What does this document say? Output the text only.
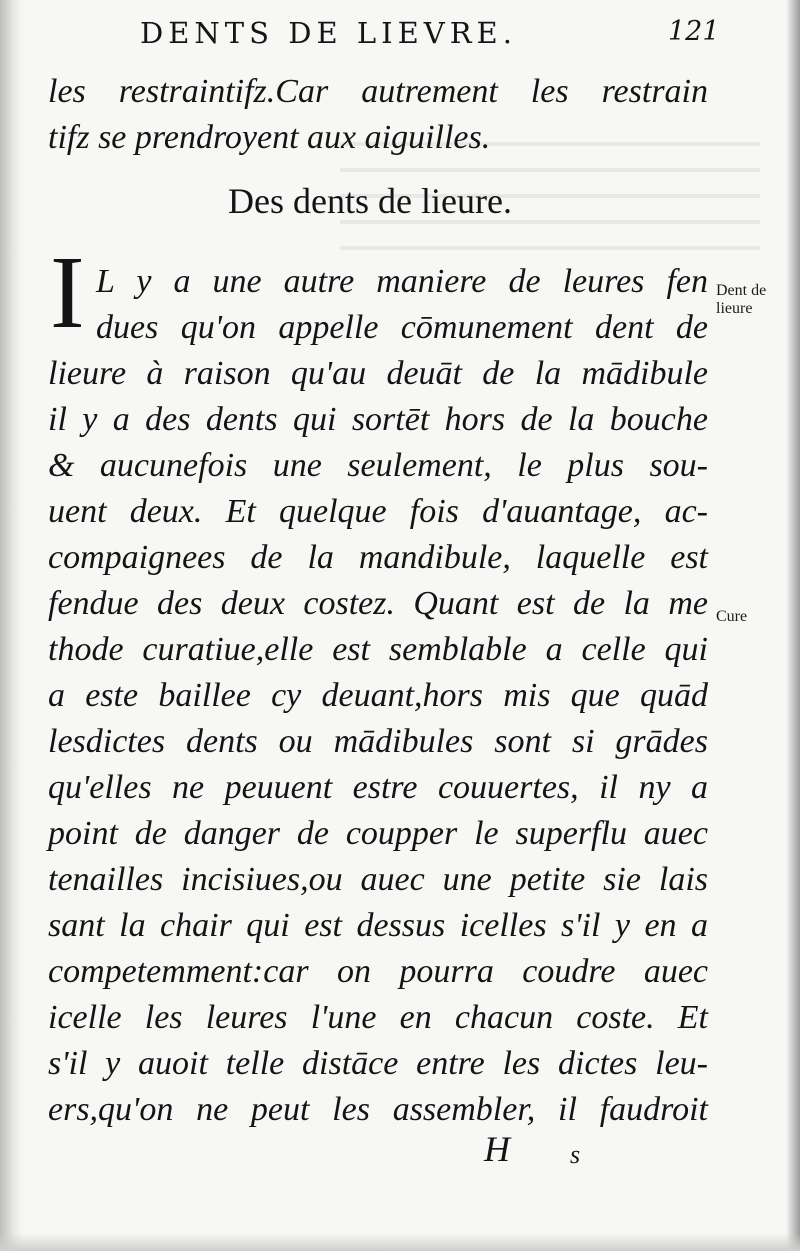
DENTS DE LIEVRE.	121
les restraintifz.Car autrement les restrain
tifz se prendroyent aux aiguilles.
Des dents de lieure.
I L y a une autre maniere de leures fen
dues qu'on appelle cōmunement dent de
lieure à raison qu'au deuāt de la mādibule
il y a des dents qui sortēt hors de la bouche
& aucunefois une seulement, le plus sou-
uent deux. Et quelque fois d'auantage, ac-
compaignees de la mandibule, laquelle est
fendue des deux costez. Quant est de la me
thode curatiue,elle est semblable a celle qui
a este baillee cy deuant,hors mis que quād
lesdictes dents ou mādibules sont si grādes
qu'elles ne peuuent estre couuertes, il ny a
point de danger de coupper le superflu auec
tenailles incisiues,ou auec une petite sie lais
sant la chair qui est dessus icelles s'il y en a
competemment:car on pourra coudre auec
icelle les leures l'une en chacun coste. Et
s'il y auoit telle distāce entre les dictes leu-
ers,qu'on ne peut les assembler, il faudroit
Dent de
lieure
Cure
H s
